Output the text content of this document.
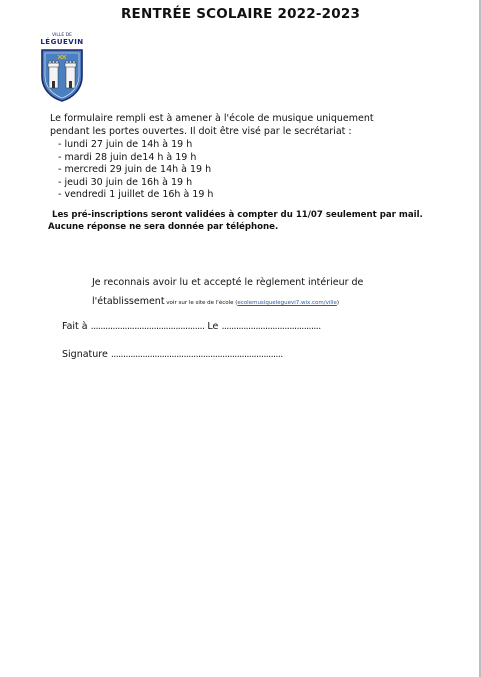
RENTRÉE SCOLAIRE 2022-2023
VILLE DE
LÉGUEVIN

Le formulaire rempli est à amener à l'école de musique uniquement

pendant les portes ouvertes. Il doit être visé par le secrétariat :

- lundi 27 juin de 14h à 19 h
- mardi 28 juin de14 h à 19 h
- mercredi 29 juin de 14h à 19 h
- jeudi 30 juin de 16h à 19 h
- vendredi 1 juillet de 16h à 19 h
Les pré-inscriptions seront validées à compter du 11/07 seulement par mail.
Aucune réponse ne sera donnée par téléphone.
Je reconnais avoir lu et accepté le règlement intérieur de
l'établissement voir sur le site de l'école (ecolemusiqueleguevi7.wix.com/ville)
Fait à ............................................... Le .........................................
Signature .......................................................................
